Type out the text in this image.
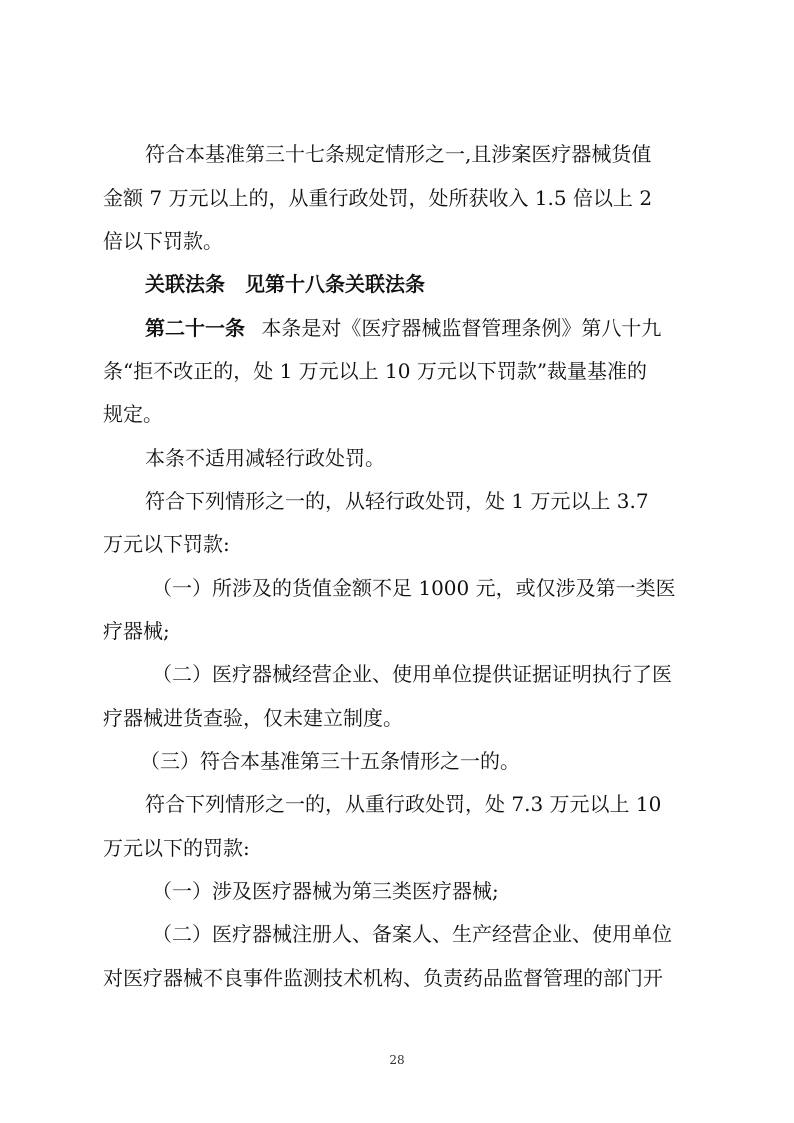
符合本基准第三十七条规定情形之一,且涉案医疗器械货值
金额 7 万元以上的，从重行政处罚，处所获收入 1.5 倍以上 2
倍以下罚款。
关联法条　见第十八条关联法条
第二十一条 本条是对《医疗器械监督管理条例》第八十九
条“拒不改正的，处 1 万元以上 10 万元以下罚款”裁量基准的
规定。
本条不适用减轻行政处罚。
符合下列情形之一的，从轻行政处罚，处 1 万元以上 3.7
万元以下罚款:
（一）所涉及的货值金额不足 1000 元，或仅涉及第一类医
疗器械;
（二）医疗器械经营企业、使用单位提供证据证明执行了医
疗器械进货查验，仅未建立制度。
（三）符合本基准第三十五条情形之一的。
符合下列情形之一的，从重行政处罚，处 7.3 万元以上 10
万元以下的罚款:
（一）涉及医疗器械为第三类医疗器械;
（二）医疗器械注册人、备案人、生产经营企业、使用单位
对医疗器械不良事件监测技术机构、负责药品监督管理的部门开
28
